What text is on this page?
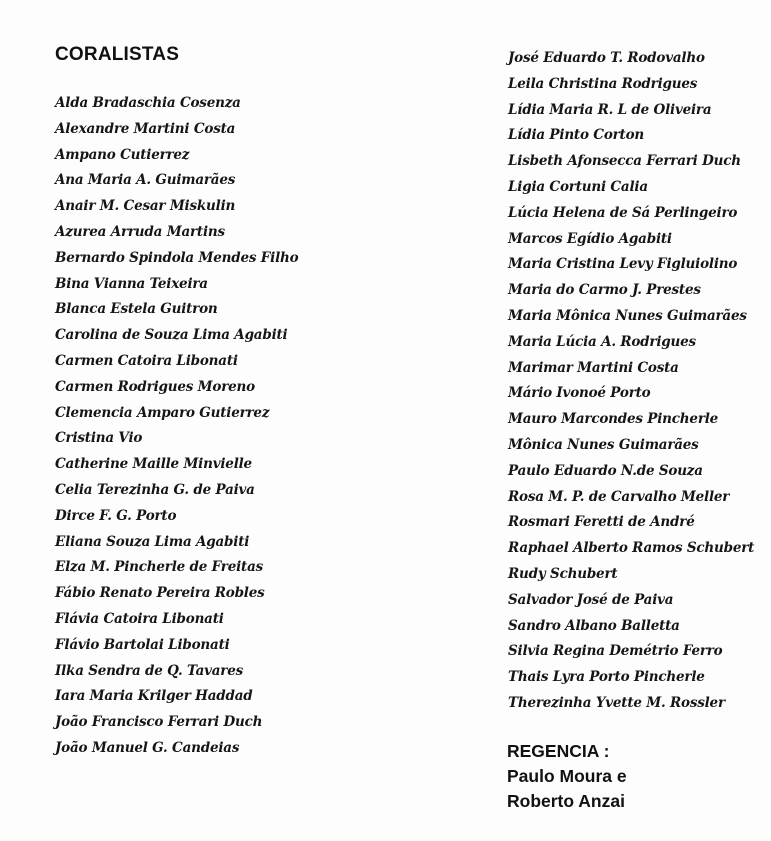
CORALISTAS
Alda Bradaschia Cosenza
Alexandre Martini Costa
Ampano Cutierrez
Ana Maria A. Guimarães
Anair M. Cesar Miskulin
Azurea Arruda Martins
Bernardo Spindola Mendes Filho
Bina Vianna Teixeira
Blanca Estela Guitron
Carolina de Souza Lima Agabiti
Carmen Catoira Libonati
Carmen Rodrigues Moreno
Clemencia Amparo Gutierrez
Cristina Vio
Catherine Maille Minvielle
Celia Terezinha G. de Paiva
Dirce F. G. Porto
Eliana Souza Lima Agabiti
Elza M. Pincherle de Freitas
Fábio Renato Pereira Robles
Flávia Catoira Libonati
Flávio Bartolai Libonati
Ilka Sendra de Q. Tavares
Iara Maria Krilger Haddad
João Francisco Ferrari Duch
João Manuel G. Candeias
José Eduardo T. Rodovalho
Leila Christina Rodrigues
Lídia Maria R. L de Oliveira
Lídia Pinto Corton
Lisbeth Afonsecca Ferrari Duch
Ligia Cortuni Calia
Lúcia Helena de Sá Perlingeiro
Marcos Egídio Agabiti
Maria Cristina Levy Figluiolino
Maria do Carmo J. Prestes
Maria Mônica Nunes Guimarães
Maria Lúcia A. Rodrigues
Marimar Martini Costa
Mário Ivonoé Porto
Mauro Marcondes Pincherle
Mônica Nunes Guimarães
Paulo Eduardo N.de Souza
Rosa M. P. de Carvalho Meller
Rosmari Feretti de André
Raphael Alberto Ramos Schubert
Rudy Schubert
Salvador José de Paiva
Sandro Albano Balletta
Silvia Regina Demétrio Ferro
Thais Lyra Porto Pincherle
Therezinha Yvette M. Rossler
REGENCIA :
Paulo Moura e
Roberto Anzai
